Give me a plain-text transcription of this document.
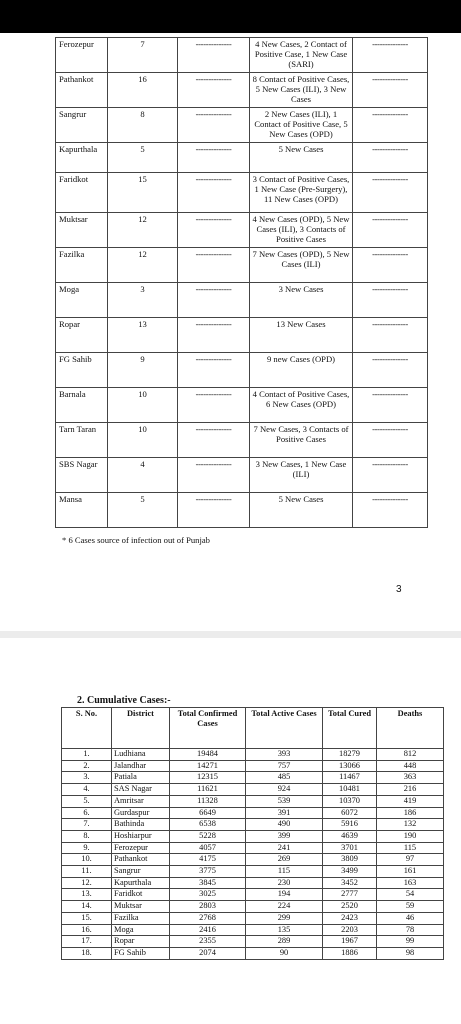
Ferozepur	7	--------------	4 New Cases, 2 Contact of Positive Case, 1 New Case (SARI)	--------------
Pathankot	16	--------------	8 Contact of Positive Cases, 5 New Cases (ILI), 3 New Cases	--------------
Sangrur	8	--------------	2 New Cases (ILI), 1 Contact of Positive Case, 5 New Cases (OPD)	--------------
Kapurthala	5	--------------	5 New Cases	--------------
Faridkot	15	--------------	3 Contact of Positive Cases, 1 New Case (Pre-Surgery), 11 New Cases (OPD)	--------------
Muktsar	12	--------------	4 New Cases (OPD), 5 New Cases (ILI), 3 Contacts of Positive Cases	--------------
Fazilka	12	--------------	7 New Cases (OPD), 5 New Cases (ILI)	--------------
Moga	3	--------------	3 New Cases	--------------
Ropar	13	--------------	13 New Cases	--------------
FG Sahib	9	--------------	9 new Cases (OPD)	--------------
Barnala	10	--------------	4 Contact of Positive Cases, 6 New Cases (OPD)	--------------
Tarn Taran	10	--------------	7 New Cases, 3 Contacts of Positive Cases	--------------
SBS Nagar	4	--------------	3 New Cases, 1 New Case (ILI)	--------------
Mansa	5	--------------	5 New Cases	--------------
* 6 Cases source of infection out of Punjab
3
2. Cumulative Cases:-
S. No.	District	Total Confirmed Cases	Total Active Cases	Total Cured	Deaths
1.	Ludhiana	19484	393	18279	812
2.	Jalandhar	14271	757	13066	448
3.	Patiala	12315	485	11467	363
4.	SAS Nagar	11621	924	10481	216
5.	Amritsar	11328	539	10370	419
6.	Gurdaspur	6649	391	6072	186
7.	Bathinda	6538	490	5916	132
8.	Hoshiarpur	5228	399	4639	190
9.	Ferozepur	4057	241	3701	115
10.	Pathankot	4175	269	3809	97
11.	Sangrur	3775	115	3499	161
12.	Kapurthala	3845	230	3452	163
13.	Faridkot	3025	194	2777	54
14.	Muktsar	2803	224	2520	59
15.	Fazilka	2768	299	2423	46
16.	Moga	2416	135	2203	78
17.	Ropar	2355	289	1967	99
18.	FG Sahib	2074	90	1886	98
